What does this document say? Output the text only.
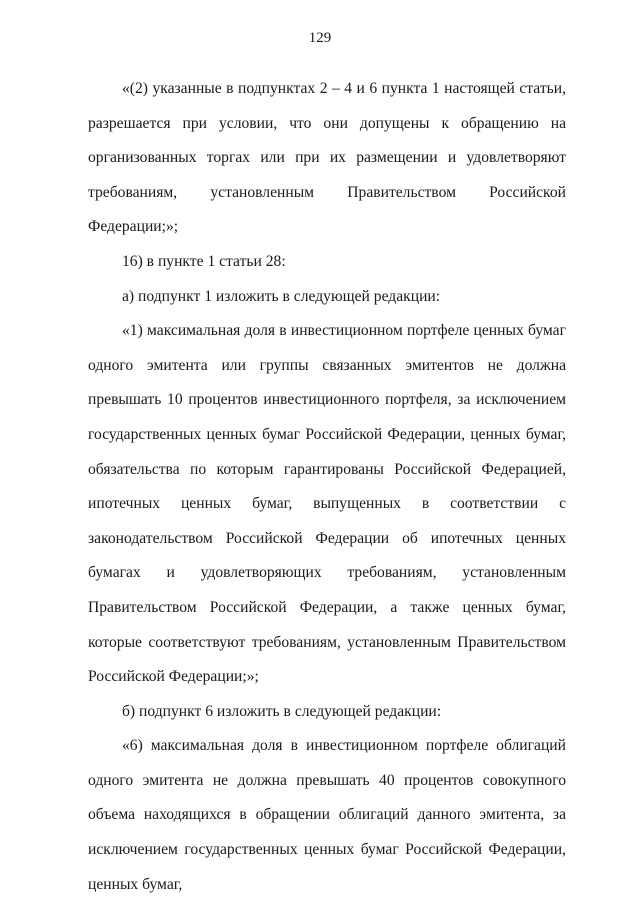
129

«(2) указанные в подпунктах 2 – 4 и 6 пункта 1 настоящей статьи, разрешается при условии, что они допущены к обращению на организованных торгах или при их размещении и удовлетворяют требованиям, установленным Правительством Российской Федерации;»;

16) в пункте 1 статьи 28:

а) подпункт 1 изложить в следующей редакции:

«1) максимальная доля в инвестиционном портфеле ценных бумаг одного эмитента или группы связанных эмитентов не должна превышать 10 процентов инвестиционного портфеля, за исключением государственных ценных бумаг Российской Федерации, ценных бумаг, обязательства по которым гарантированы Российской Федерацией, ипотечных ценных бумаг, выпущенных в соответствии с законодательством Российской Федерации об ипотечных ценных бумагах и удовлетворяющих требованиям, установленным Правительством Российской Федерации, а также ценных бумаг, которые соответствуют требованиям, установленным Правительством Российской Федерации;»;

б) подпункт 6 изложить в следующей редакции:

«6) максимальная доля в инвестиционном портфеле облигаций одного эмитента не должна превышать 40 процентов совокупного объема находящихся в обращении облигаций данного эмитента, за исключением государственных ценных бумаг Российской Федерации, ценных бумаг,
